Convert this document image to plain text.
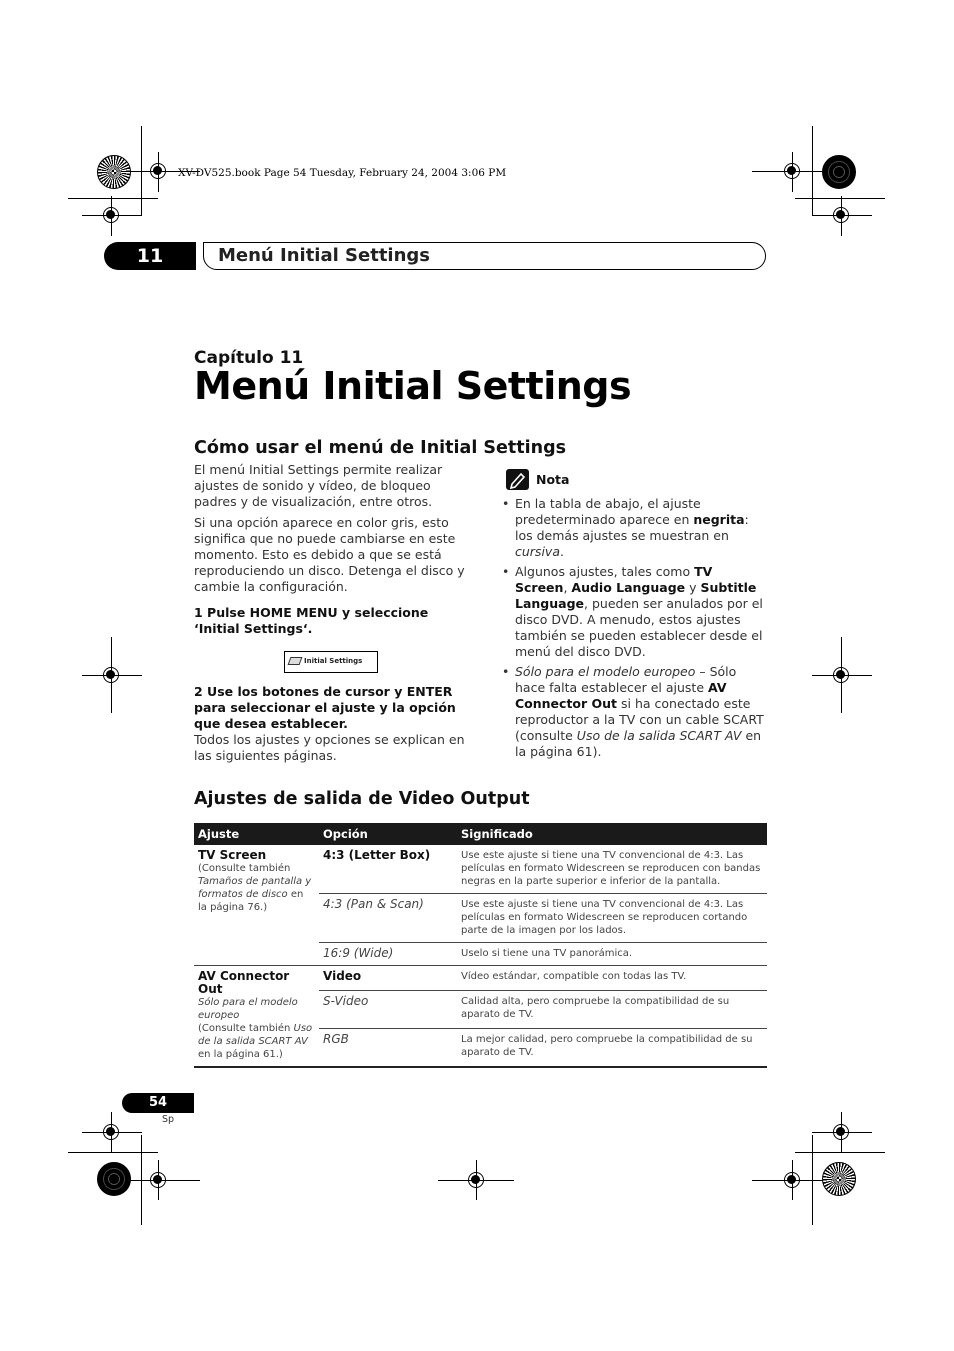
XV-DV525.book Page 54 Tuesday, February 24, 2004 3:06 PM
11	Menú Initial Settings
Capítulo 11
Menú Initial Settings
Cómo usar el menú de Initial Settings

El menú Initial Settings permite realizar ajustes de sonido y vídeo, de bloqueo padres y de visualización, entre otros.

Si una opción aparece en color gris, esto significa que no puede cambiarse en este momento. Esto es debido a que se está reproduciendo un disco. Detenga el disco y cambie la configuración.

1 Pulse HOME MENU y seleccione ‘Initial Settings‘.

Initial Settings

2 Use los botones de cursor y ENTER para seleccionar el ajuste y la opción que desea establecer.

Todos los ajustes y opciones se explican en las siguientes páginas.

Nota
• En la tabla de abajo, el ajuste predeterminado aparece en negrita: los demás ajustes se muestran en cursiva.
• Algunos ajustes, tales como TV Screen, Audio Language y Subtitle Language, pueden ser anulados por el disco DVD. A menudo, estos ajustes también se pueden establecer desde el menú del disco DVD.
• Sólo para el modelo europeo – Sólo hace falta establecer el ajuste AV Connector Out si ha conectado este reproductor a la TV con un cable SCART (consulte Uso de la salida SCART AV en la página 61).
Ajustes de salida de Video Output
Ajuste	Opción	Significado

TV Screen
(Consulte también Tamaños de pantalla y formatos de disco en la página 76.)	4:3 (Letter Box)	Use este ajuste si tiene una TV convencional de 4:3. Las películas en formato Widescreen se reproducen con bandas negras en la parte superior e inferior de la pantalla.
	4:3 (Pan & Scan)	Use este ajuste si tiene una TV convencional de 4:3. Las películas en formato Widescreen se reproducen cortando parte de la imagen por los lados.
	16:9 (Wide)	Uselo si tiene una TV panorámica.

AV Connector Out
Sólo para el modelo europeo
(Consulte también Uso de la salida SCART AV en la página 61.)	Video	Vídeo estándar, compatible con todas las TV.
	S-Video	Calidad alta, pero compruebe la compatibilidad de su aparato de TV.
	RGB	La mejor calidad, pero compruebe la compatibilidad de su aparato de TV.
54
Sp
